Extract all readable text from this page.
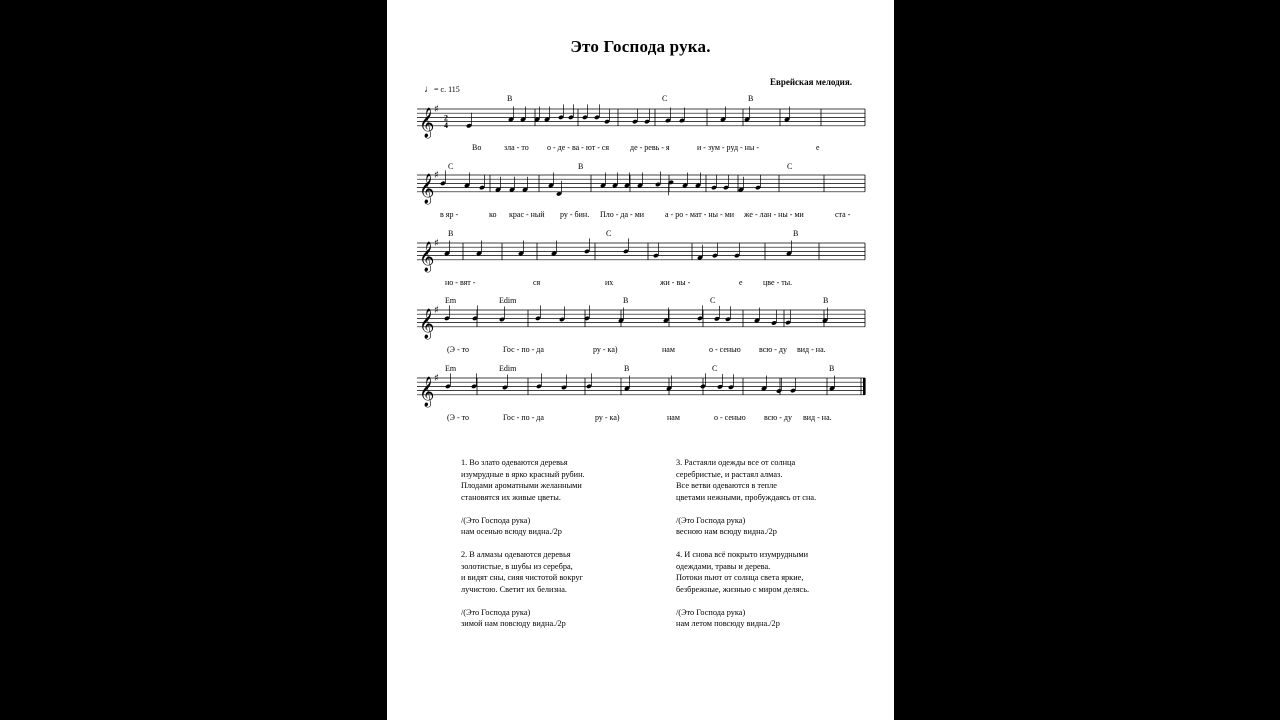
Это Господа рука.
Еврейская мелодия.
♩= c. 115
𝄞 ♯
2
4
B	C	B
Во	зла - то о - де - ва - ют - ся	де - ревь - я	и - зум - руд - ны -	е
𝄞 ♯
C	B	C
в яр -	ко крас - ный ру - бин. Пло - да - ми	а - ро - мат - ны - ми же - лан - ны - ми	ста -
𝄞 ♯
B	C	B
но - вят -	ся	их	жи - вы -	е	цве - ты.
𝄞 ♯
Em	Edim	B	C	B
(Э - то	Гос - по - да	ру - ка)	нам	о - сенью всю - ду вид - на.
𝄞 ♯
Em	Edim	B	C	B
(Э - то	Гос - по - да	ру - ка)	нам	о - сенью всю - ду вид - на.
1. Во злато одеваются деревья
изумрудные в ярко красный рубин.
Плодами ароматными желанными
становятся их живые цветы.
/(Это Господа рука)
нам осенью всюду видна./2р
2. В алмазы одеваются деревья
золотистые, в шубы из серебра,
и видят сны, сияя чистотой вокруг
лучистою. Светит их белизна.
/(Это Господа рука)
зимой нам повсюду видна./2р
3. Растаяли одежды все от солнца
серебристые, и растаял алмаз.
Все ветви одеваются в тепле
цветами нежными, пробуждаясь от сна.
/(Это Господа рука)
весною нам всюду видна./2р
4. И снова всё покрыто изумрудными
одеждами, травы и дерева.
Потоки пьют от солнца света яркие,
безбрежные, жизнью с миром делясь.
/(Это Господа рука)
нам летом повсюду видна./2р
